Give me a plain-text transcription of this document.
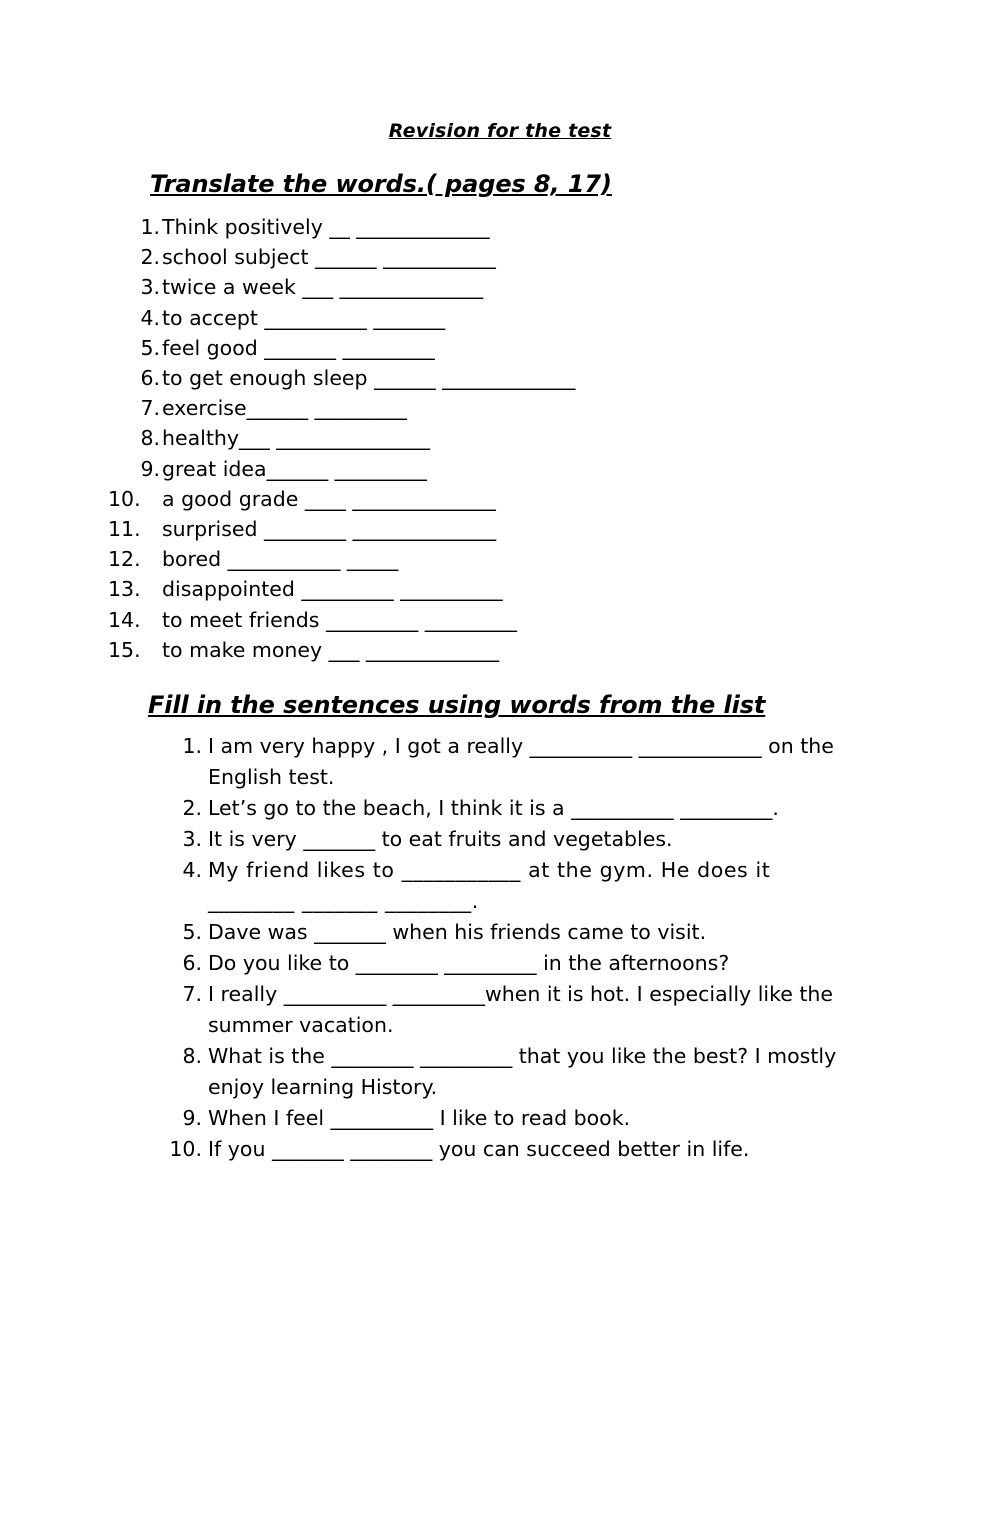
Revision for the test
Translate the words.( pages 8, 17)
1. Think positively __ _____________
2. school subject ______ ___________
3. twice a week ___ ______________
4. to accept __________ _______
5. feel good _______ _________
6. to get enough sleep ______ _____________
7. exercise______ _________
8. healthy___ _______________
9. great idea______ _________
10.	a good grade ____ ______________
11.	surprised ________ ______________
12.	bored ___________ _____
13.	disappointed _________ __________
14.	to meet friends _________ _________
15.	to make money ___ _____________
Fill in the sentences using words from the list
1. I am very happy , I got a really __________ ____________ on the English test.
2. Let’s go to the beach, I think it is a __________ _________.
3. It is very _______ to eat fruits and vegetables.
4. My friend likes to ___________ at the gym. He does it ________ _______ ________.
5. Dave was _______ when his friends came to visit.
6. Do you like to ________ _________ in the afternoons?
7. I really __________ _________when it is hot. I especially like the summer vacation.
8. What is the ________ _________ that you like the best? I mostly enjoy learning History.
9. When I feel __________ I like to read book.
10. If you _______ ________ you can succeed better in life.
